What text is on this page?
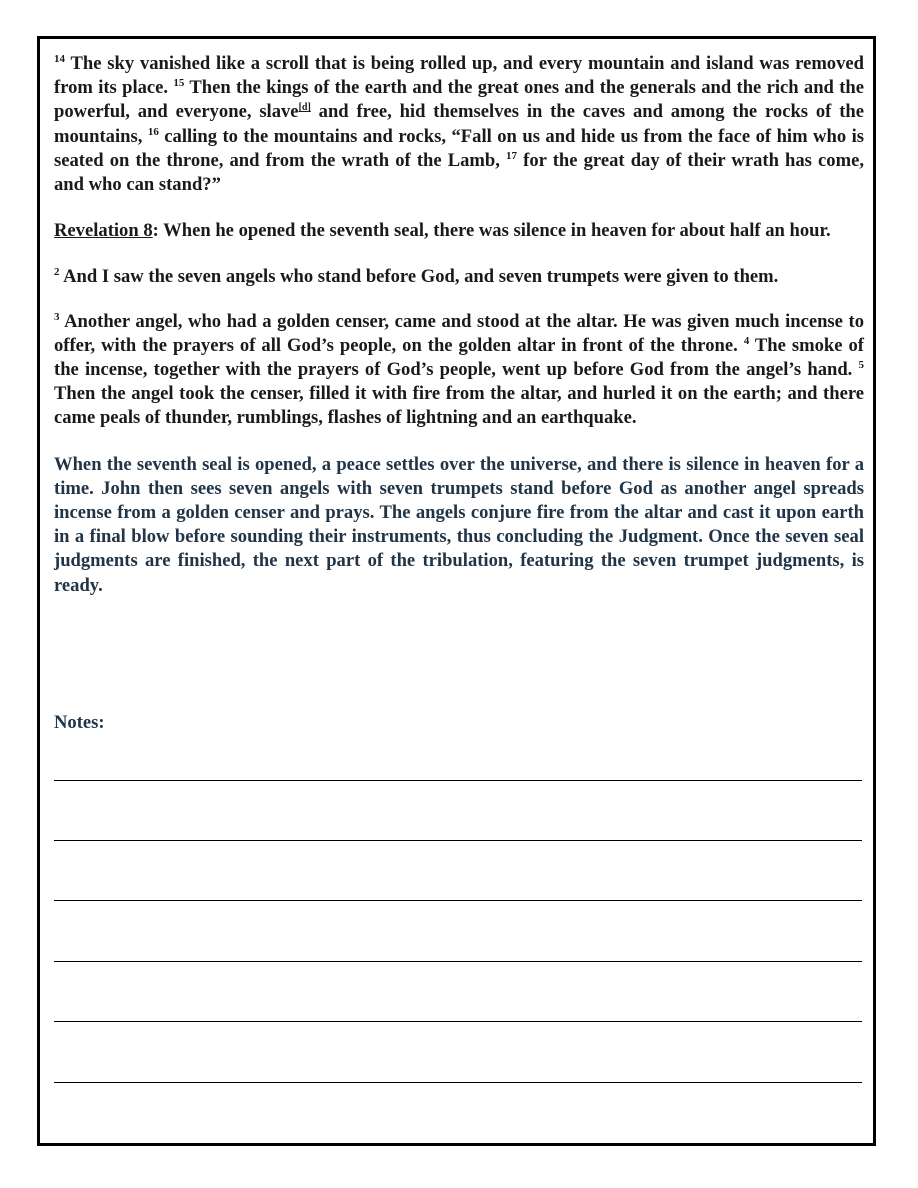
$^{14}$ The sky vanished like a scroll that is being rolled up, and every mountain and island was removed from its place. $^{15}$ Then the kings of the earth and the great ones and the generals and the rich and the powerful, and everyone, slave[d] and free, hid themselves in the caves and among the rocks of the mountains, $^{16}$ calling to the mountains and rocks, “Fall on us and hide us from the face of him who is seated on the throne, and from the wrath of the Lamb, $^{17}$ for the great day of their wrath has come, and who can stand?”

Revelation 8: When he opened the seventh seal, there was silence in heaven for about half an hour.

$^2$ And I saw the seven angels who stand before God, and seven trumpets were given to them.

$^3$ Another angel, who had a golden censer, came and stood at the altar. He was given much incense to offer, with the prayers of all God’s people, on the golden altar in front of the throne. $^4$ The smoke of the incense, together with the prayers of God’s people, went up before God from the angel’s hand. $^5$ Then the angel took the censer, filled it with fire from the altar, and hurled it on the earth; and there came peals of thunder, rumblings, flashes of lightning and an earthquake.

When the seventh seal is opened, a peace settles over the universe, and there is silence in heaven for a time. John then sees seven angels with seven trumpets stand before God as another angel spreads incense from a golden censer and prays. The angels conjure fire from the altar and cast it upon earth in a final blow before sounding their instruments, thus concluding the Judgment. Once the seven seal judgments are finished, the next part of the tribulation, featuring the seven trumpet judgments, is ready.

Notes:
